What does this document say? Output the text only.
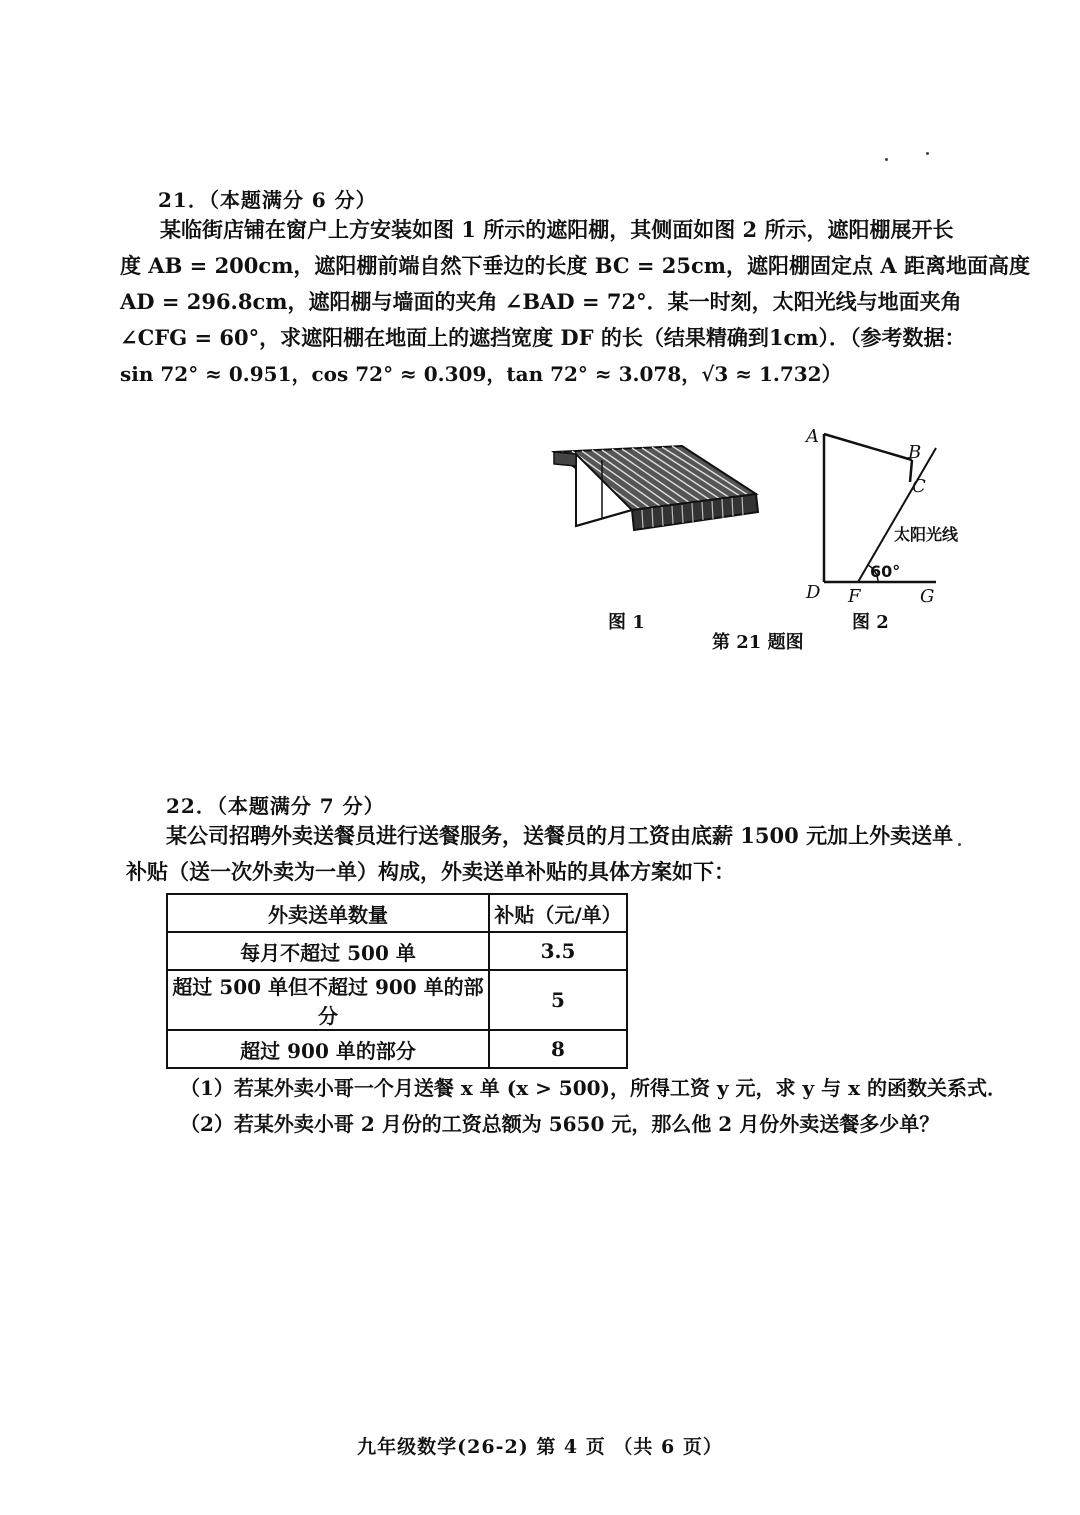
21．（本题满分 6 分）
某临街店铺在窗户上方安装如图 1 所示的遮阳棚，其侧面如图 2 所示，遮阳棚展开长
度 AB = 200cm，遮阳棚前端自然下垂边的长度 BC = 25cm，遮阳棚固定点 A 距离地面高度
AD = 296.8cm，遮阳棚与墙面的夹角 ∠BAD = 72°．某一时刻，太阳光线与地面夹角
∠CFG = 60°，求遮阳棚在地面上的遮挡宽度 DF 的长（结果精确到1cm）．（参考数据：
sin 72° ≈ 0.951，cos 72° ≈ 0.309，tan 72° ≈ 3.078，√3 ≈ 1.732）
A
B
C
D F	G
太阳光线
60°
图 1	图 2
第 21 题图
22．（本题满分 7 分）
某公司招聘外卖送餐员进行送餐服务，送餐员的月工资由底薪 1500 元加上外卖送单
补贴（送一次外卖为一单）构成，外卖送单补贴的具体方案如下：
外卖送单数量	补贴（元/单）
每月不超过 500 单	3.5
超过 500 单但不超过 900 单的部分	5
超过 900 单的部分	8
（1）若某外卖小哥一个月送餐 x 单 (x > 500)，所得工资 y 元，求 y 与 x 的函数关系式．
（2）若某外卖小哥 2 月份的工资总额为 5650 元，那么他 2 月份外卖送餐多少单？
九年级数学(26-2) 第 4 页 （共 6 页）
